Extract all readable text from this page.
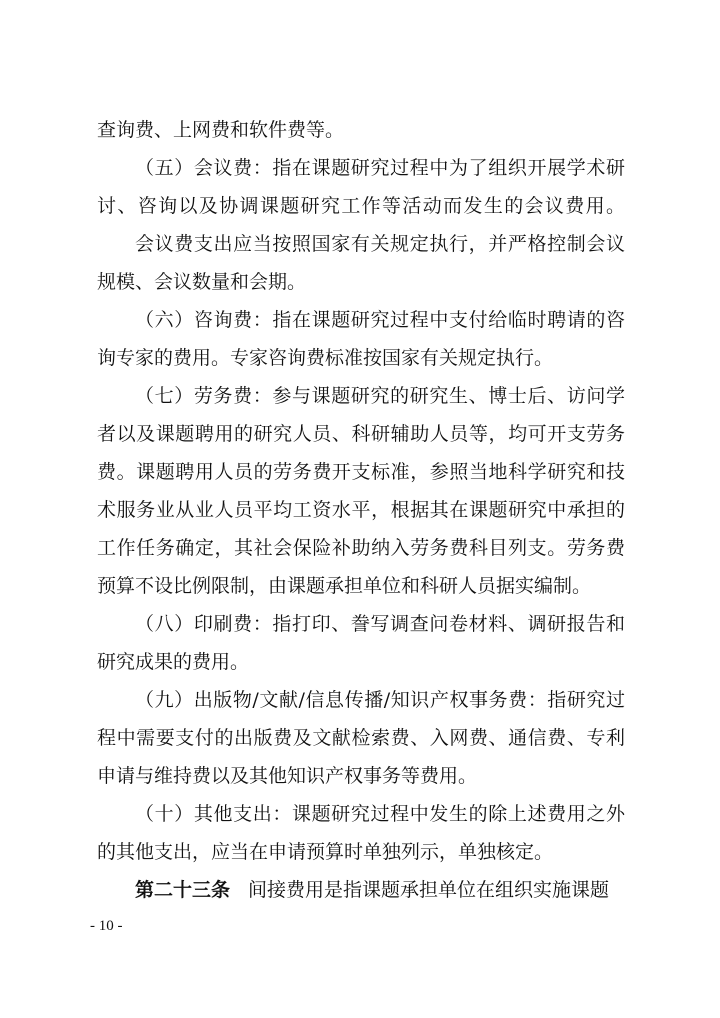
查询费、上网费和软件费等。
（五）会议费：指在课题研究过程中为了组织开展学术研
讨、咨询以及协调课题研究工作等活动而发生的会议费用。
会议费支出应当按照国家有关规定执行，并严格控制会议
规模、会议数量和会期。
（六）咨询费：指在课题研究过程中支付给临时聘请的咨
询专家的费用。专家咨询费标准按国家有关规定执行。
（七）劳务费：参与课题研究的研究生、博士后、访问学
者以及课题聘用的研究人员、科研辅助人员等，均可开支劳务
费。课题聘用人员的劳务费开支标准，参照当地科学研究和技
术服务业从业人员平均工资水平，根据其在课题研究中承担的
工作任务确定，其社会保险补助纳入劳务费科目列支。劳务费
预算不设比例限制，由课题承担单位和科研人员据实编制。
（八）印刷费：指打印、誊写调查问卷材料、调研报告和
研究成果的费用。
（九）出版物/文献/信息传播/知识产权事务费：指研究过
程中需要支付的出版费及文献检索费、入网费、通信费、专利
申请与维持费以及其他知识产权事务等费用。
（十）其他支出：课题研究过程中发生的除上述费用之外
的其他支出，应当在申请预算时单独列示，单独核定。
第二十三条 间接费用是指课题承担单位在组织实施课题
- 10 -
